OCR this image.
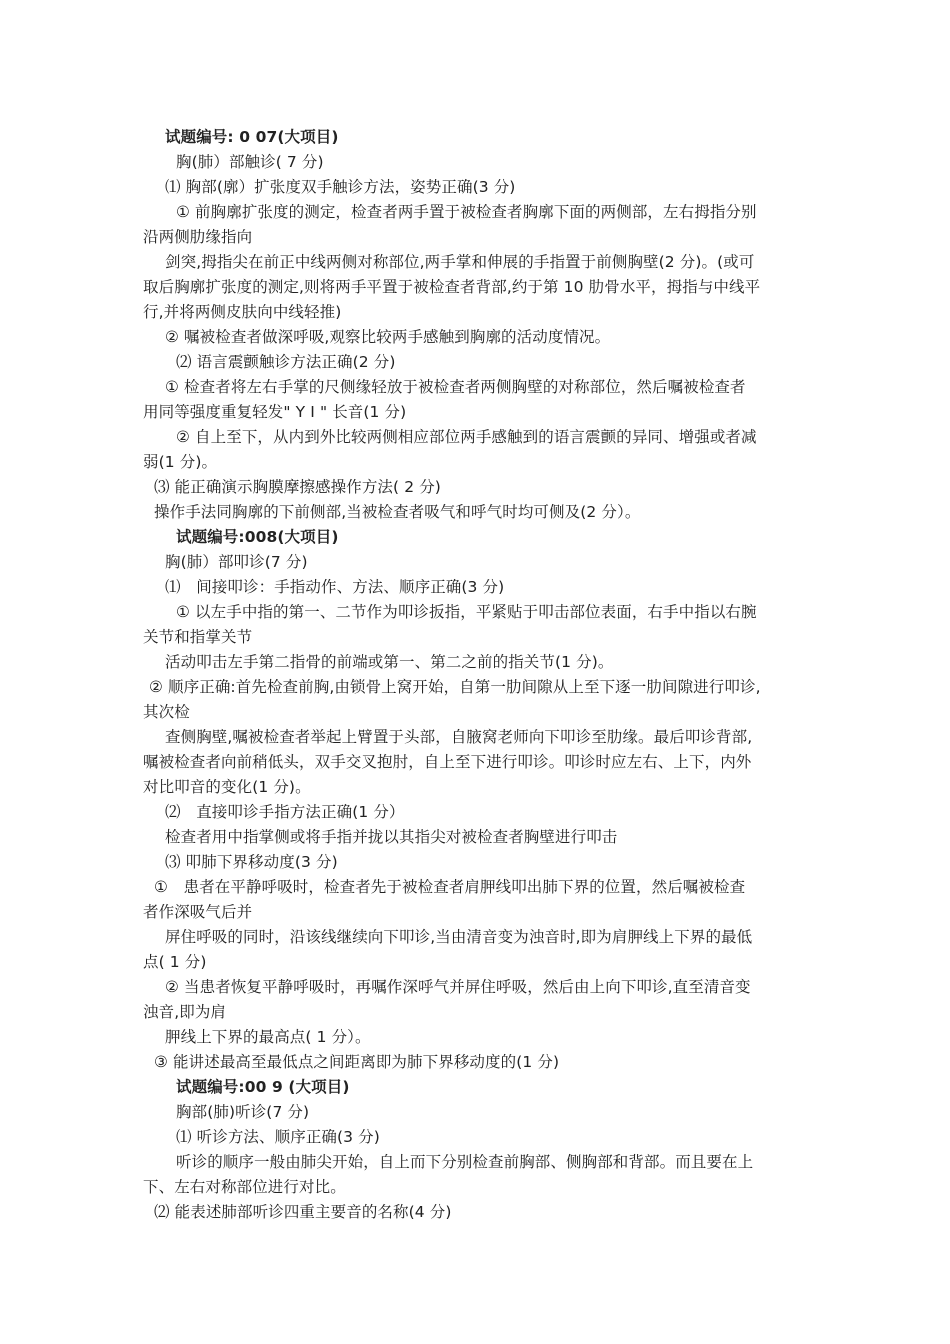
试题编号: 0 07(大项目)
胸(肺）部触诊( 7 分)
⑴ 胸部(廓）扩张度双手触诊方法，姿势正确(3 分)
① 前胸廓扩张度的测定，检查者两手置于被检查者胸廓下面的两侧部，左右拇指分别
沿两侧肋缘指向
剑突,拇指尖在前正中线两侧对称部位,两手掌和伸展的手指置于前侧胸壁(2 分)。(或可
取后胸廓扩张度的测定,则将两手平置于被检查者背部,约于第 10 肋骨水平，拇指与中线平
行,并将两侧皮肤向中线轻推)
② 嘱被检查者做深呼吸,观察比较两手感触到胸廓的活动度情况。
⑵ 语言震颤触诊方法正确(2 分)
① 检查者将左右手掌的尺侧缘轻放于被检查者两侧胸壁的对称部位，然后嘱被检查者
用同等强度重复轻发" Y I " 长音(1 分)
② 自上至下，从内到外比较两侧相应部位两手感触到的语言震颤的异同、增强或者减
弱(1 分)。
⑶ 能正确演示胸膜摩擦感操作方法( 2 分)
操作手法同胸廓的下前侧部,当被检查者吸气和呼气时均可侧及(2 分）。
试题编号:008(大项目)
胸(肺）部叩诊(7 分)
⑴　间接叩诊：手指动作、方法、顺序正确(3 分)
① 以左手中指的第一、二节作为叩诊扳指，平紧贴于叩击部位表面，右手中指以右腕
关节和指掌关节
活动叩击左手第二指骨的前端或第一、第二之前的指关节(1 分)。
② 顺序正确:首先检查前胸,由锁骨上窝开始，自第一肋间隙从上至下逐一肋间隙进行叩诊,
其次检
查侧胸壁,嘱被检查者举起上臂置于头部，自腋窝老师向下叩诊至肋缘。最后叩诊背部,
嘱被检查者向前稍低头，双手交叉抱肘，自上至下进行叩诊。叩诊时应左右、上下，内外
对比叩音的变化(1 分)。
⑵　直接叩诊手指方法正确(1 分）
检查者用中指掌侧或将手指并拢以其指尖对被检查者胸壁进行叩击
⑶ 叩肺下界移动度(3 分)
①　患者在平静呼吸时，检查者先于被检查者肩胛线叩出肺下界的位置，然后嘱被检查
者作深吸气后并
屏住呼吸的同时，沿该线继续向下叩诊,当由清音变为浊音时,即为肩胛线上下界的最低
点( 1 分)
② 当患者恢复平静呼吸时，再嘱作深呼气并屏住呼吸，然后由上向下叩诊,直至清音变
浊音,即为肩
胛线上下界的最高点( 1 分）。
③ 能讲述最高至最低点之间距离即为肺下界移动度的(1 分)
试题编号:00 9 (大项目)
胸部(肺)听诊(7 分)
⑴ 听诊方法、顺序正确(3 分)
听诊的顺序一般由肺尖开始，自上而下分别检查前胸部、侧胸部和背部。而且要在上
下、左右对称部位进行对比。
⑵ 能表述肺部听诊四重主要音的名称(4 分)
